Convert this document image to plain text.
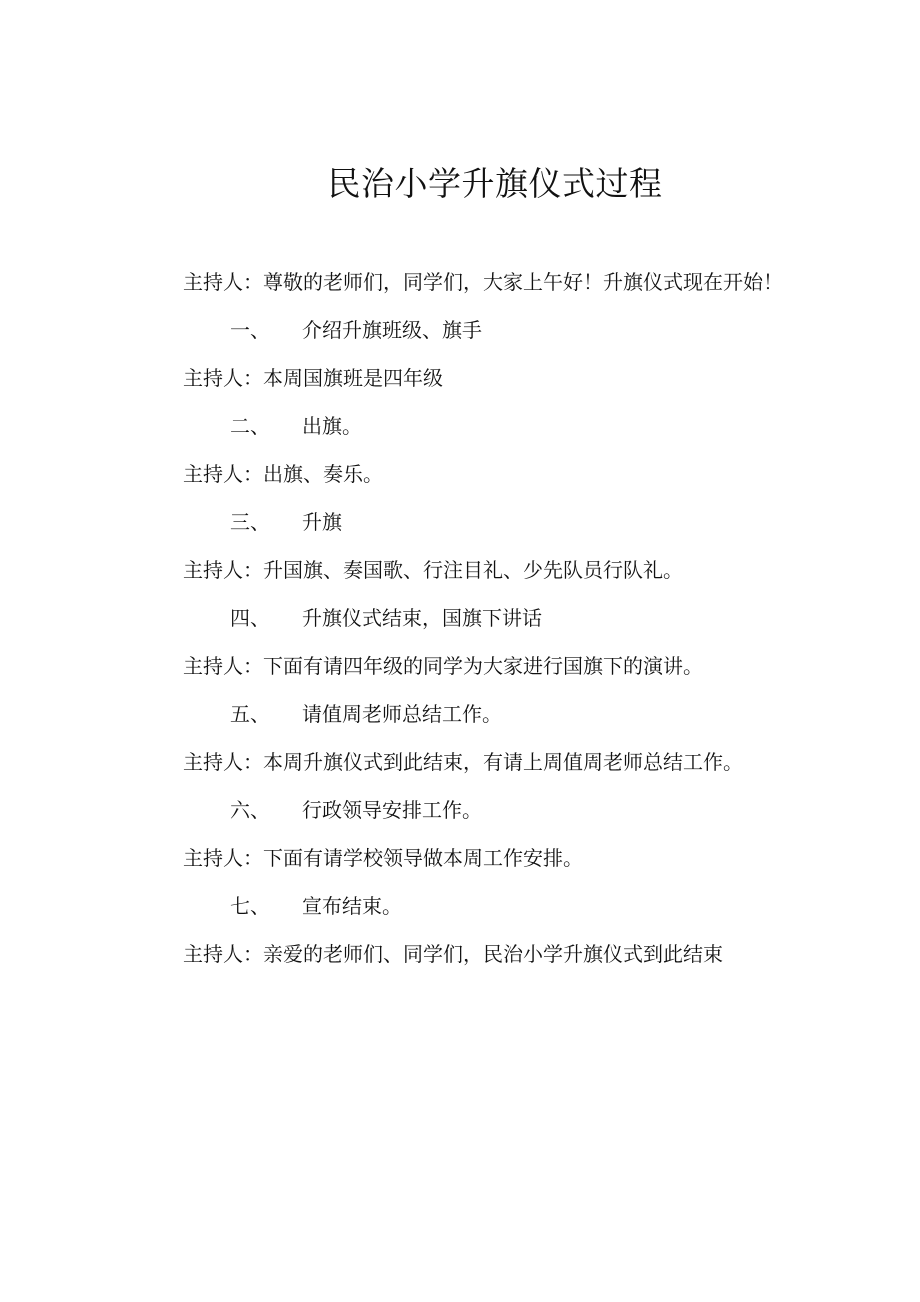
民治小学升旗仪式过程

主持人：尊敬的老师们，同学们，大家上午好！升旗仪式现在开始！

一、	介绍升旗班级、旗手

主持人：本周国旗班是四年级

二、	出旗。

主持人：出旗、奏乐。

三、	升旗

主持人：升国旗、奏国歌、行注目礼、少先队员行队礼。

四、	升旗仪式结束，国旗下讲话

主持人：下面有请四年级的同学为大家进行国旗下的演讲。

五、	请值周老师总结工作。

主持人：本周升旗仪式到此结束，有请上周值周老师总结工作。

六、	行政领导安排工作。

主持人：下面有请学校领导做本周工作安排。

七、	宣布结束。

主持人：亲爱的老师们、同学们，民治小学升旗仪式到此结束
